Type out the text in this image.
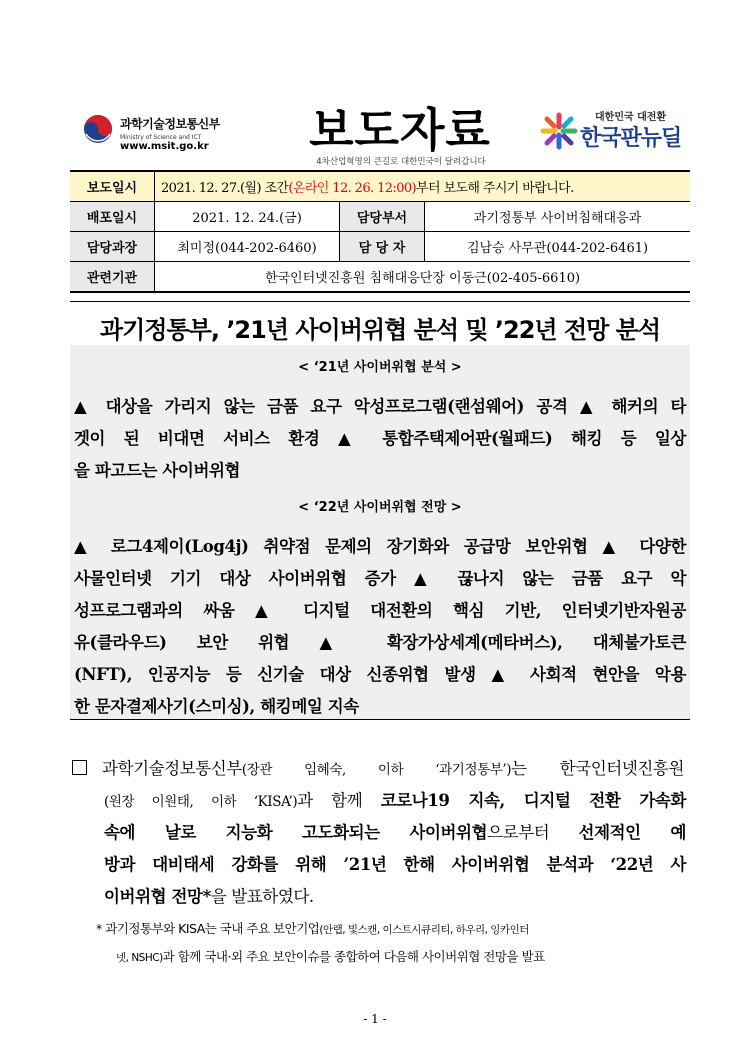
과학기술정보통신부
Ministry of Science and ICT
www.msit.go.kr 보도자료
4차산업혁명의 큰길로 대한민국이 달려갑니다
대한민국 대전환
한국판뉴딜
보도일시	2021. 12. 27.(월) 조간(온라인 12. 26. 12:00)부터 보도해 주시기 바랍니다.		
배포일시	2021. 12. 24.(금)	담당부서	과기정통부 사이버침해대응과
담당과장	최미정(044-202-6460)	담 당 자	김남승 사무관(044-202-6461)
관련기관	한국인터넷진흥원 침해대응단장 이동근(02-405-6610)		
과기정통부, ’21년 사이버위협 분석 및 ’22년 전망 분석
< ‘21년 사이버위협 분석 >
▲ 대상을 가리지 않는 금품 요구 악성프로그램(랜섬웨어) 공격 ▲ 해커의 타
겟이 된 비대면 서비스 환경 ▲ 통합주택제어판(월패드) 해킹 등 일상
을 파고드는 사이버위협
< ‘22년 사이버위협 전망 >
▲ 로그4제이(Log4j) 취약점 문제의 장기화와 공급망 보안위협 ▲ 다양한
사물인터넷 기기 대상 사이버위협 증가 ▲ 끊나지 않는 금품 요구 악
성프로그램과의 싸움 ▲ 디지털 대전환의 핵심 기반, 인터넷기반자원공
유(클라우드) 보안 위협 ▲ 확장가상세계(메타버스), 대체불가토큰
(NFT), 인공지능 등 신기술 대상 신종위협 발생 ▲ 사회적 현안을 악용
한 문자결제사기(스미싱), 해킹메일 지속
과학기술정보통신부(장관 임혜숙, 이하 ‘과기정통부’)는 한국인터넷진흥원
(원장 이원태, 이하 ‘KISA’)과 함께 코로나19 지속, 디지털 전환 가속화
속에 날로 지능화 고도화되는 사이버위협으로부터 선제적인 예
방과 대비태세 강화를 위해 ’21년 한해 사이버위협 분석과 ‘22년 사
이버위협 전망*을 발표하였다.
* 과기정통부와 KISA는 국내 주요 보안기업(안랩, 빛스캔, 이스트시큐리티, 하우리, 잉카인터
넷, NSHC)과 함께 국내·외 주요 보안이슈를 종합하여 다음해 사이버위협 전망을 발표
- 1 -
